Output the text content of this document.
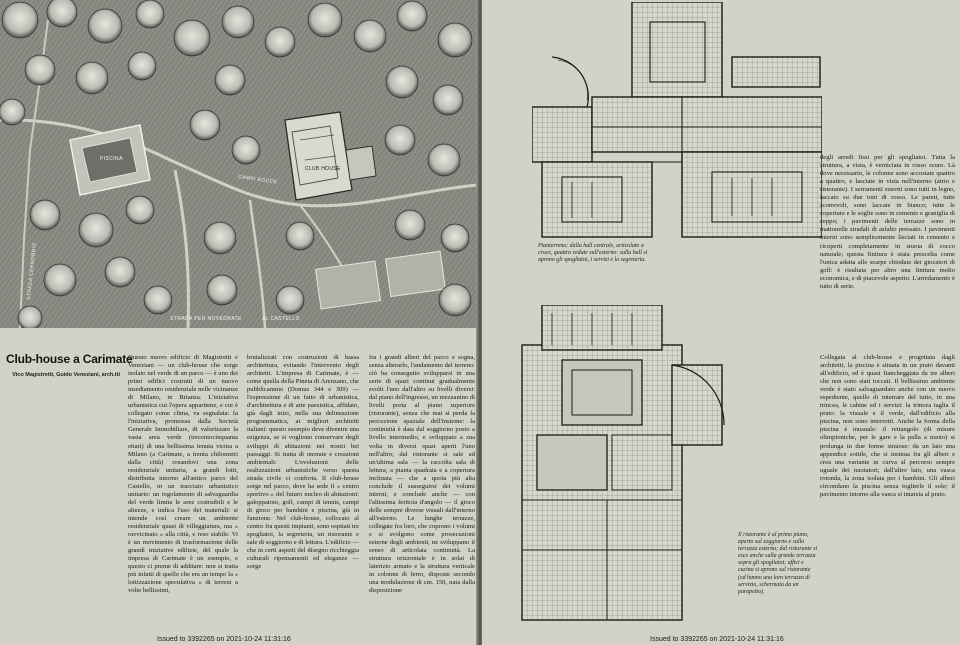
PISCINA
CAMPI BOCCE
CLUB HOUSE
STRADA CERNOBBIO
STRADA PER NOVEDRATE	AL CASTELLO
Club-house a Carimate
Vico Magistretti, Guido Veneziani, arch.tti

Questo nuovo edificio di Magistretti e Veneziani — un club-house che sorge isolato nel verde di un parco — è uno dei primi edifici costruiti di un nuovo insediamento residenziale nelle vicinanze di Milano, in Brianza. L'iniziativa urbanistica cui l'opera appartiene, e cui è collegato come clima, va segnalata: fa l'iniziativa, promossa dalla Società Generale Immobiliare, di valorizzare la vasta area verde (trecentocinquanta ettari) di una bellissima tenuta vicina a Milano (a Carimate, a trenta chilometri dalla città) creandovi una zona residenziale unitaria, a grandi lotti, distribuita intorno all'antico parco del Castello, in un tracciato urbanistico unitario: un regolamento di salvaguardia del verde limita le aree costruibili e le altezze, e indica l'uso dei materiali: si intende così creare un ambiente residenziale quasi di villeggiatura, ma « ravvicinato » alla città, e reso stabile. Vi è un movimento di trasformazione delle grandi iniziative edilizie, del quale la impresa di Carimate è un esempio, e questo ci preme di additare: non si tratta più infatti di quello che era un tempo la « lottizzazione speculativa » di terreni a volte bellissimi,

brutalizzati con costruzioni di bassa architettura, evitando l'intervento degli architetti. L'impresa di Carimate, è — come quella della Pineta di Arenzano, che pubblicammo (Domus 344 e 309) — l'espressione di un fatto di urbanistica, d'architettura e di arte paesistica, affidato, già dagli inizi, nella sua delineazione programmatica, ai migliori architetti italiani: questo esempio deve divenire una esigenza, se si vogliono conservare degli sviluppi di abitazioni nei nostri bei paesaggi. Si tratta di onorate e creazioni ambientali: L'evoluzioni delle realizzazioni urbanistiche verso questa strada civile ci conforta. Il club-house sorge nel parco, dove ha sede il « centro sportivo » del futuro nucleo di abitazioni: galoppatoio, golf, campi di tennis, campi di gioco per bambini e piscina, già in funzione. Nel club-house, collocato al centro fra questi impianti, sono ospitati tre spogliatoi, la segreteria, un ristorante e sale di soggiorno e di lettura. L'edificio — che in certi aspetti del disegno ricchieggia culturali ripensamenti ed eleganze — sorge

fra i grandi alberi del parco e sogna, senza alterarlo, l'andamento del terreno: ciò ha conseguito svilupparsi in una serie di spazi continui gradualmente svolti l'uno dall'altro su livelli diversi: dal piano dell'ingresso, un mezzanino di livelli porta al piano superiore (ristorante), senza che mai si perda la percezione spaziale dell'insieme: la continuità è data dal soggiorno posto a livello intermedio, e sviluppato a sua volta in diversi spazi aperti l'uno nell'altro; dal ristorante si sale ad un'ultima sala — la raccolta sala di lettura, a pianta quadrata e a copertura inclinata — che a quota più alta conclude il susseguirsi dei volumi interni, e conclude anche — con l'altissima feritoia d'angolo — il gioco delle sempre diverse visuali dall'interno all'esterno. Le lunghe terrazze, collegate fra loro, che coprono i volumi e si svolgono come prosecuzioni esterne degli ambienti, ne sviluppano il senso di articolata continuità. La struttura orizzontale è in solai di laterizio armato e la struttura verticale in colonne di ferro, disposte secondo una modulazione di cm. 150, nata dalla disposizione

Issued to 3392265 on 2021-10-24 11:31:16

Pianterreno: dalla hall centrale, articolato a croce, quattro vedute sull'esterno: sulla hall si aprono gli spogliatoi, i servizi e la segreteria.

Il ristorante è al primo piano, aperto sul soggiorno e sulla terrazza esterna; dal ristorante si esce anche sulla grande terrazza sopra gli spogliatoi; uffici e cucina si aprono sul ristorante (ed hanno una loro terrazza di servizio, schermata da un parapetto).

degli arredi fissi per gli spogliatoi. Tutta la struttura, a vista, è verniciata in rosso scuro. Là dove necessario, le colonne sono accostate quattro a quattro, e lasciate in vista nell'interno (atrio e ristorante). I serramenti esterni sono tutti in legno, laccato su due toni di rosso. Le pareti, tutte scorrevoli, sono laccate in bianco; tutte le coperture e le soglie sono in cemento e graniglia di ceppo; i pavimenti delle terrazze sono in mattonelle stradali di asfalto pressato. I pavimenti interni sono semplicemente lisciati in cemento e ricoperti completamente in stuoia di cocco naturale; questa finitura è stata prescelta come l'unica adatta alle scarpe chiodate dei giocatori di golf: è risultata per altro una finitura molto economica, e di piacevole aspetto. L'arredamento è tutto di serie.

Collegata al club-house e progettata dagli architetti, la piscina è situata in un prato davanti all'edificio, ed è quasi fiancheggiata da tre alberi che non sono stati toccati. Il bellissimo ambiente verde è stato salvaguardato anche con un nuovo espediente, quello di interrare del tutto, in una trincea, le cabine ed i servizi: la trincea taglia il prato: la visuale e il verde, dall'edificio alla piscina, non sono interrotti. Anche la forma della piscina è inusuale: il rettangolo (di misure olimpioniche, per le gare e la palla a nuoto) si prolunga in due forme sinuose: da un lato una appendice sottile, che si insinua fra gli alberi e crea una variante in curva al percorso sempre uguale dei nuotatori; dall'altro lato, una vasca rotonda, la zona isolata per i bambini. Gli alberi circondano la piscina senza toglierle il sole; il pavimento intorno alla vasca si intarsia al prato.

Issued to 3392265 on 2021-10-24 11:31:16
